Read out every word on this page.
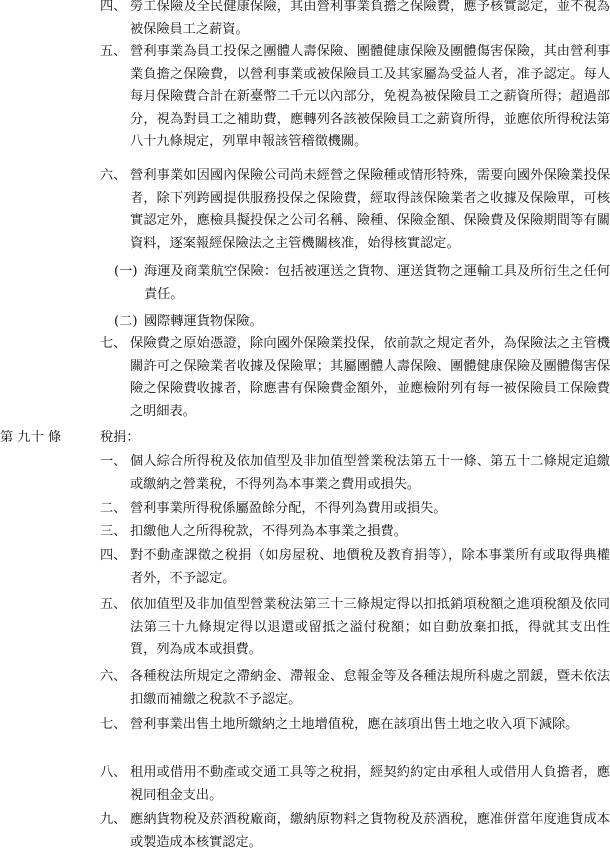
四、 勞工保險及全民健康保險，其由營利事業負擔之保險費，應予核實認定，並不視為被保險員工之薪資。
五、 營利事業為員工投保之團體人壽保險、團體健康保險及團體傷害保險，其由營利事業負擔之保險費，以營利事業或被保險員工及其家屬為受益人者，准予認定。每人每月保險費合計在新臺幣二千元以內部分，免視為被保險員工之薪資所得；超過部分，視為對員工之補助費，應轉列各該被保險員工之薪資所得，並應依所得稅法第八十九條規定，列單申報該管稽徵機關。
六、 營利事業如因國內保險公司尚未經營之保險種或情形特殊，需要向國外保險業投保者，除下列跨國提供服務投保之保險費，經取得該保險業者之收據及保險單，可核實認定外，應檢具擬投保之公司名稱、險種、保險金額、保險費及保險期間等有關資料，逐案報經保險法之主管機關核准，始得核實認定。
(一) 海運及商業航空保險：包括被運送之貨物、運送貨物之運輸工具及所衍生之任何責任。
(二) 國際轉運貨物保險。
七、 保險費之原始憑證，除向國外保險業投保，依前款之規定者外，為保險法之主管機關許可之保險業者收據及保險單；其屬團體人壽保險、團體健康保險及團體傷害保險之保險費收據者，除應書有保險費金額外，並應檢附列有每一被保險員工保險費之明細表。
第 九十 條	稅捐：
一、 個人綜合所得稅及依加值型及非加值型營業稅法第五十一條、第五十二條規定追繳或繳納之營業稅，不得列為本事業之費用或損失。
二、 營利事業所得稅係屬盈餘分配，不得列為費用或損失。
三、 扣繳他人之所得稅款，不得列為本事業之損費。
四、 對不動產課徵之稅捐（如房屋稅、地價稅及教育捐等），除本事業所有或取得典權者外，不予認定。
五、 依加值型及非加值型營業稅法第三十三條規定得以扣抵銷項稅額之進項稅額及依同法第三十九條規定得以退還或留抵之溢付稅額；如自動放棄扣抵，得就其支出性質，列為成本或損費。
六、 各種稅法所規定之滯納金、滯報金、怠報金等及各種法規所科處之罰鍰，暨未依法扣繳而補繳之稅款不予認定。
七、 營利事業出售土地所繳納之土地增值稅，應在該項出售土地之收入項下減除。
八、 租用或借用不動產或交通工具等之稅捐，經契約約定由承租人或借用人負擔者，應視同租金支出。
九、 應納貨物稅及菸酒稅廠商，繳納原物料之貨物稅及菸酒稅，應准併當年度進貨成本或製造成本核實認定。
